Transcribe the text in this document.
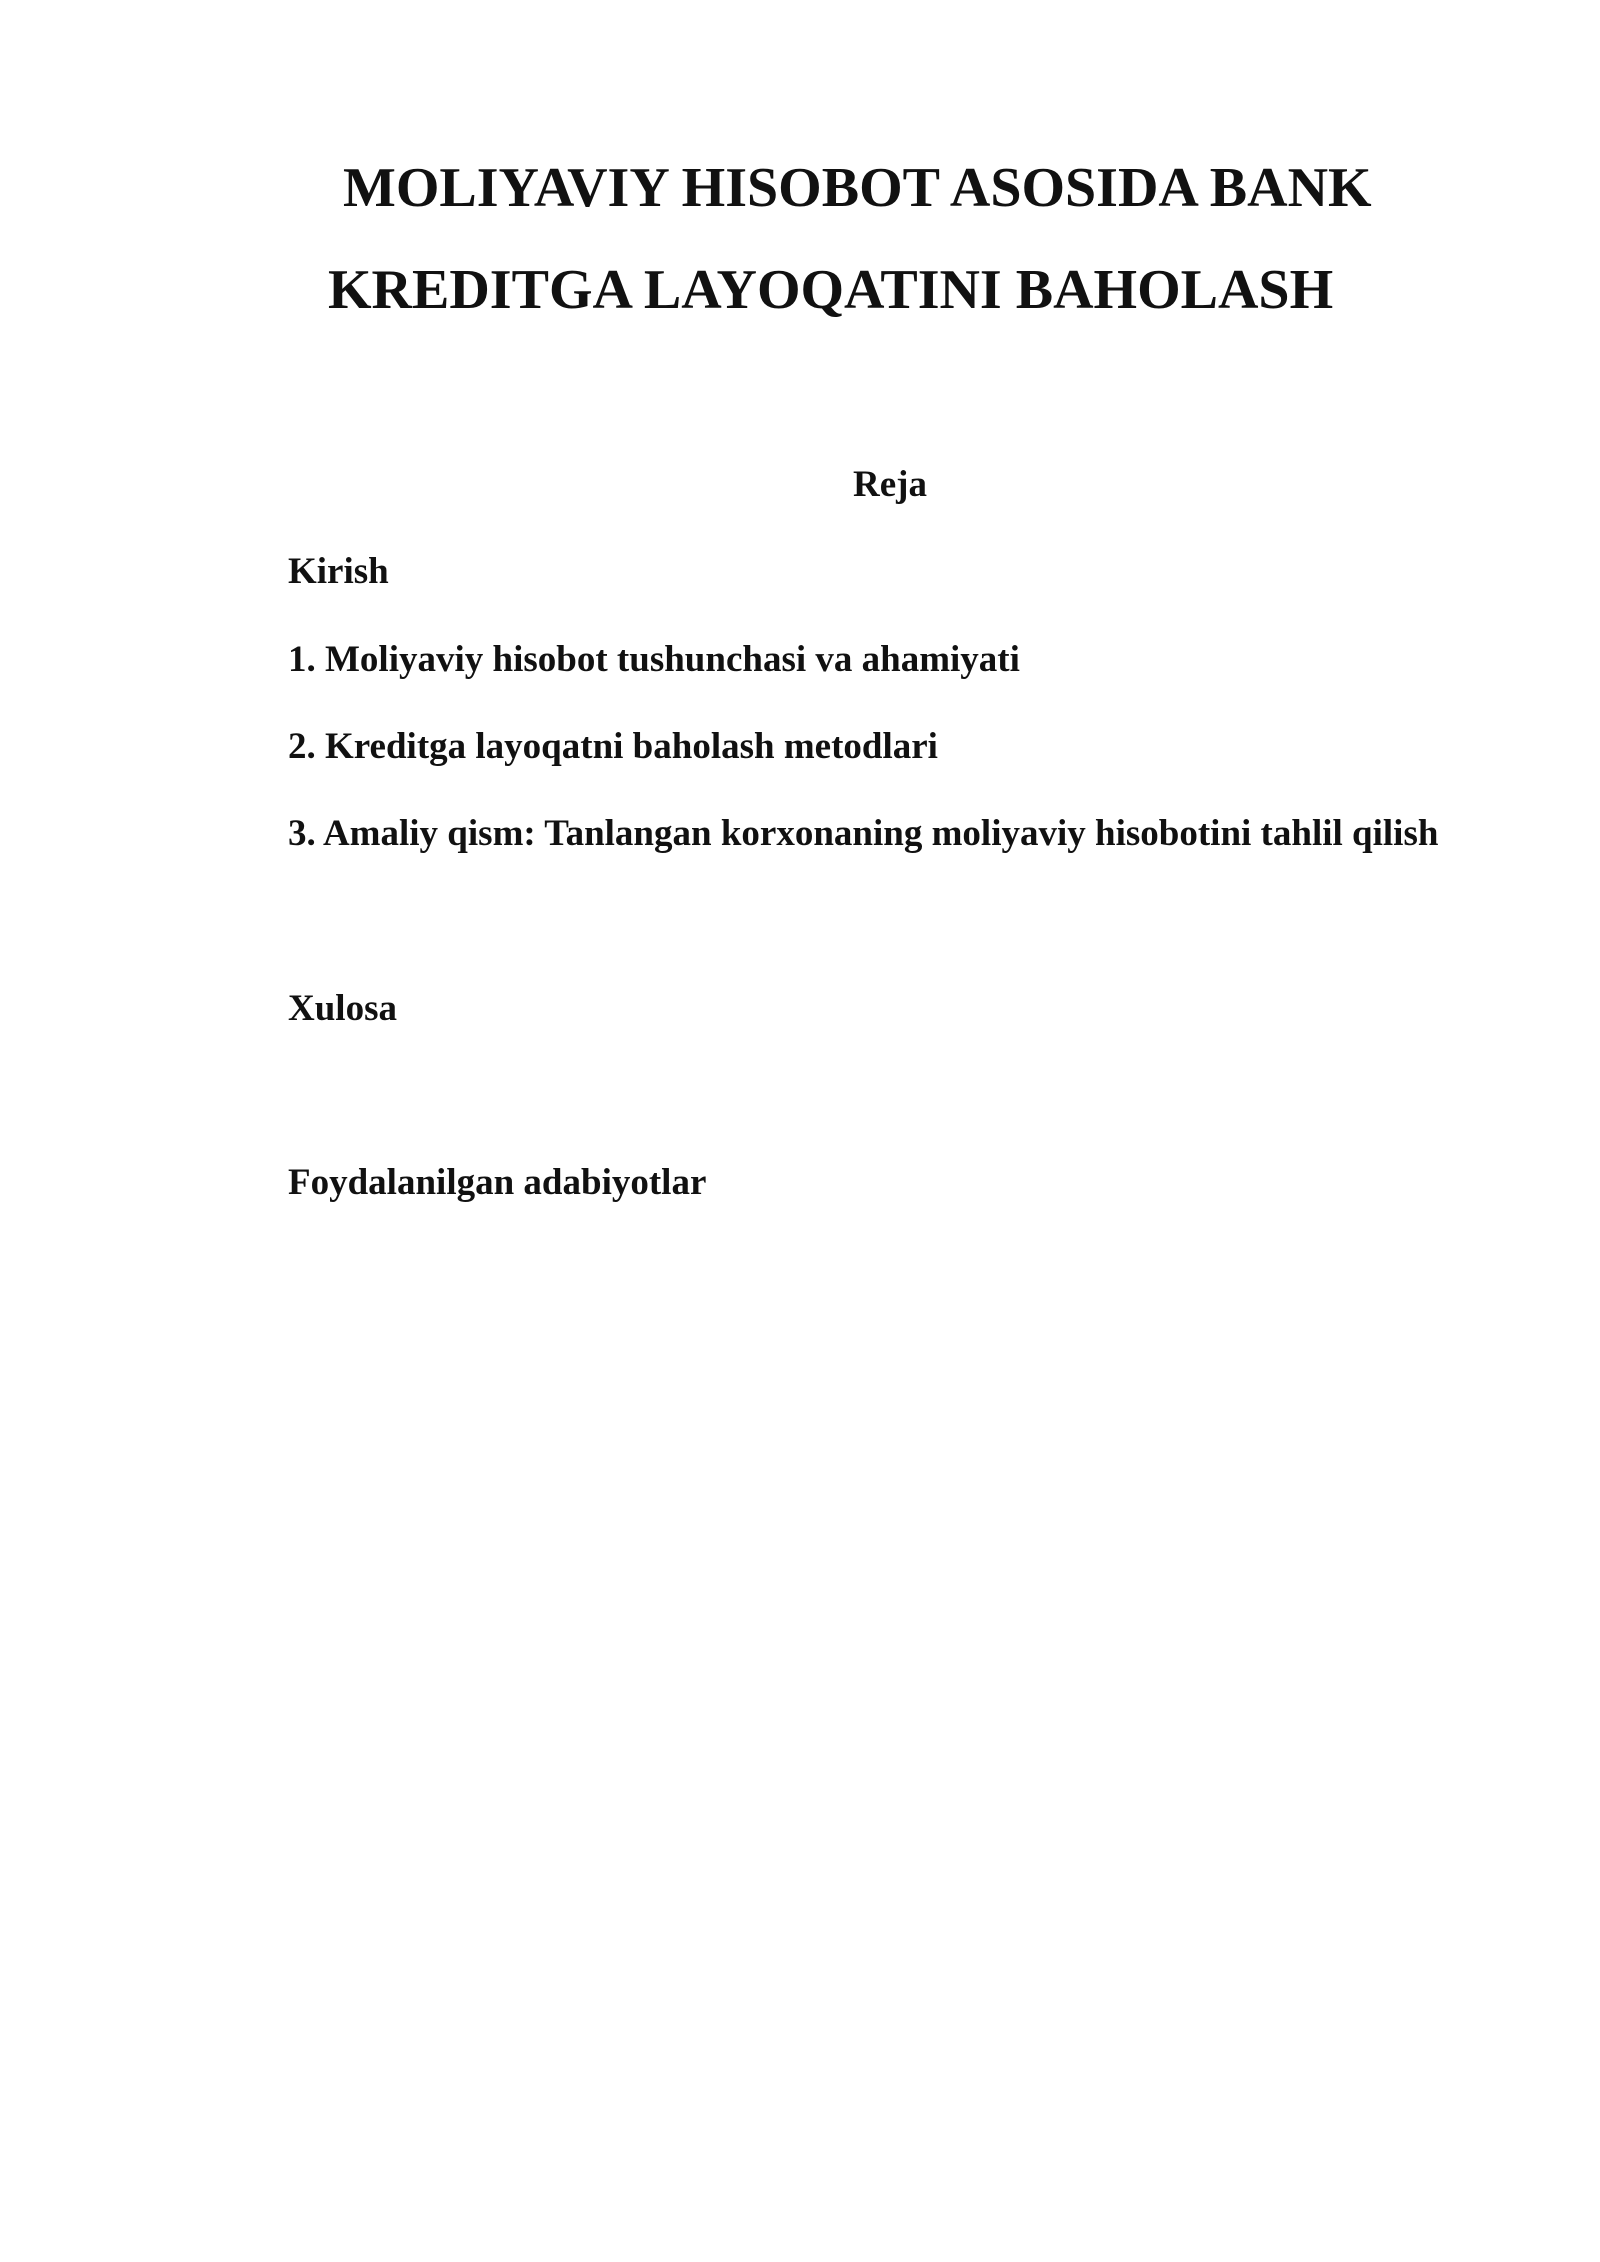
MOLIYAVIY HISOBOT ASOSIDA BANK
KREDITGA LAYOQATINI BAHOLASH
Reja
Kirish
1. Moliyaviy hisobot tushunchasi va ahamiyati
2. Kreditga layoqatni baholash metodlari
3. Amaliy qism: Tanlangan korxonaning moliyaviy hisobotini tahlil qilish
Xulosa
Foydalanilgan adabiyotlar
